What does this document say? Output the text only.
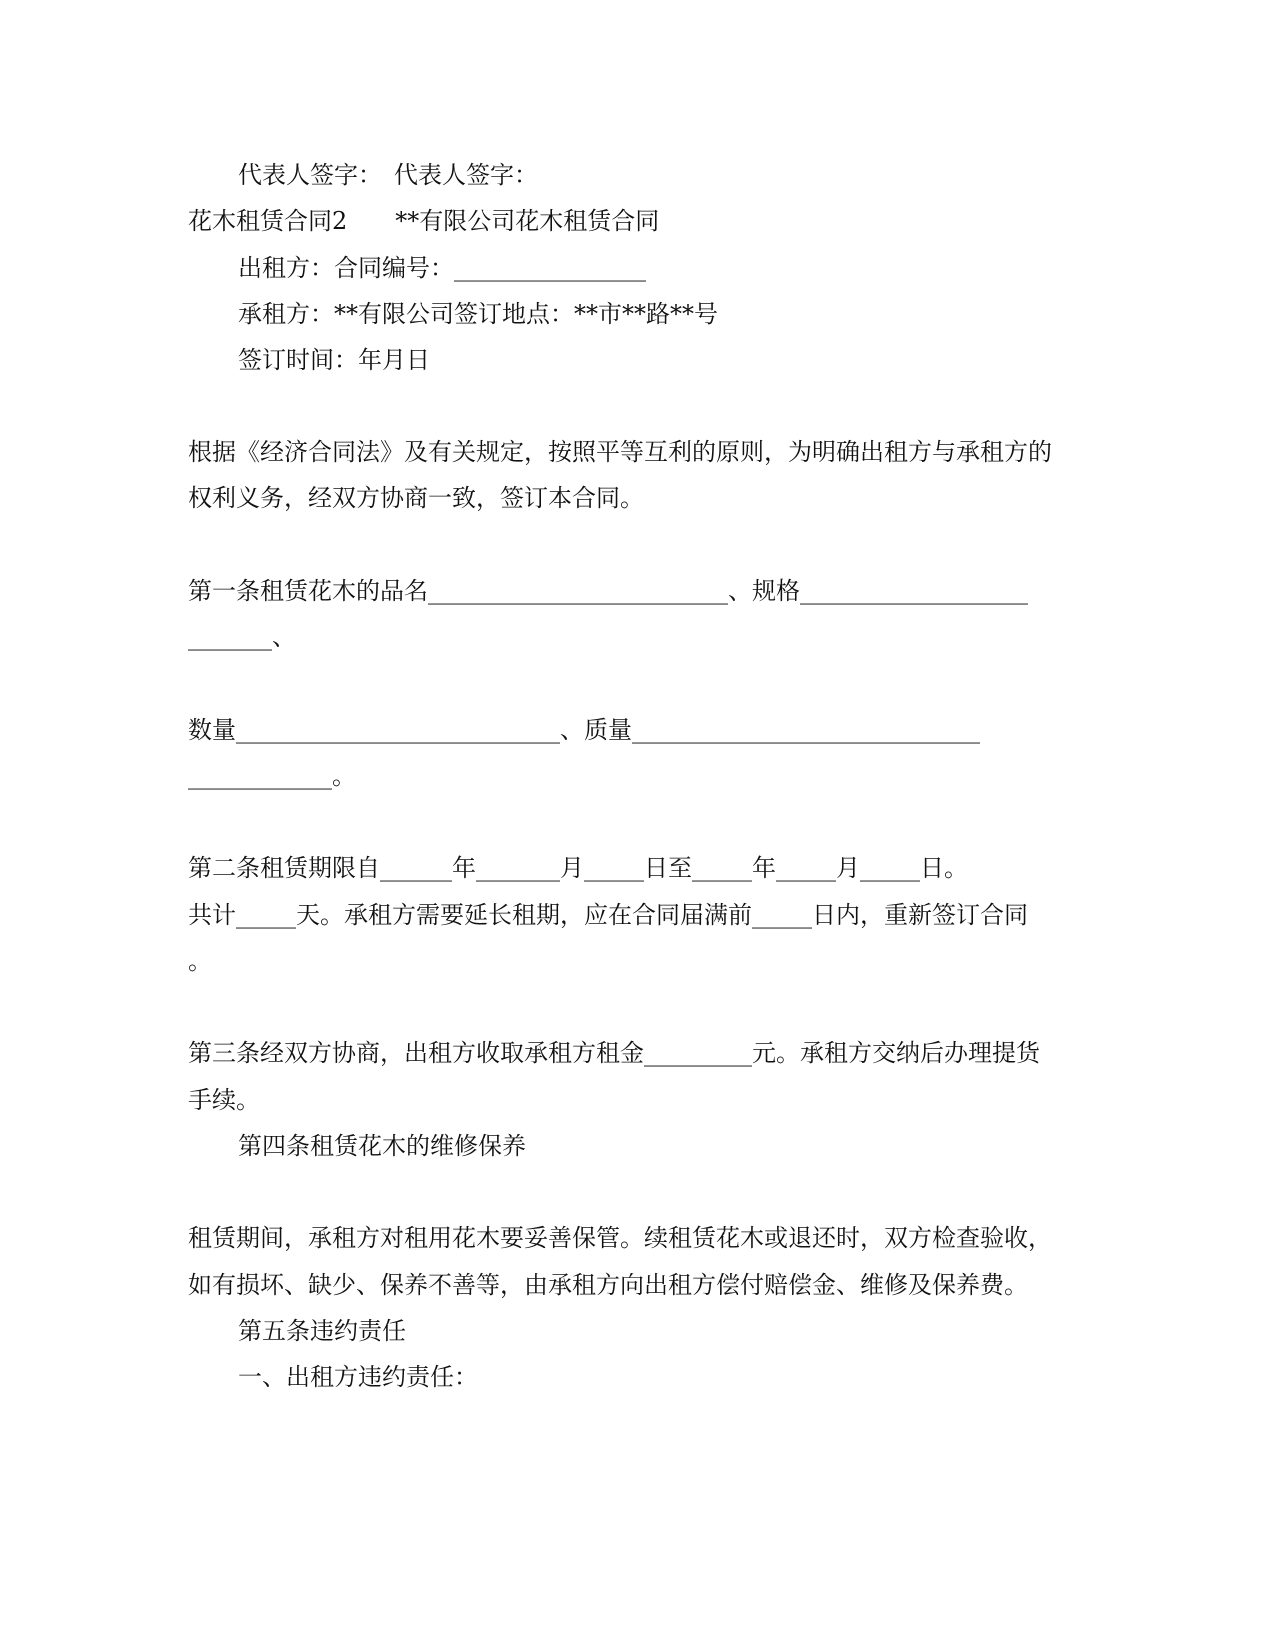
代表人签字：　代表人签字：
花木租赁合同2　　**有限公司花木租赁合同
出租方：合同编号：________________
承租方：**有限公司签订地点：**市**路**号
签订时间：年月日
根据《经济合同法》及有关规定，按照平等互利的原则，为明确出租方与承租方的
权利义务，经双方协商一致，签订本合同。
第一条租赁花木的品名_________________________、规格___________________
_______、
数量___________________________、质量_____________________________
____________。
第二条租赁期限自______年_______月_____日至_____年_____月_____日。
共计_____天。承租方需要延长租期，应在合同届满前_____日内，重新签订合同
。
第三条经双方协商，出租方收取承租方租金_________元。承租方交纳后办理提货
手续。
第四条租赁花木的维修保养
租赁期间，承租方对租用花木要妥善保管。续租赁花木或退还时，双方检查验收，
如有损坏、缺少、保养不善等，由承租方向出租方偿付赔偿金、维修及保养费。
第五条违约责任
一、出租方违约责任：
